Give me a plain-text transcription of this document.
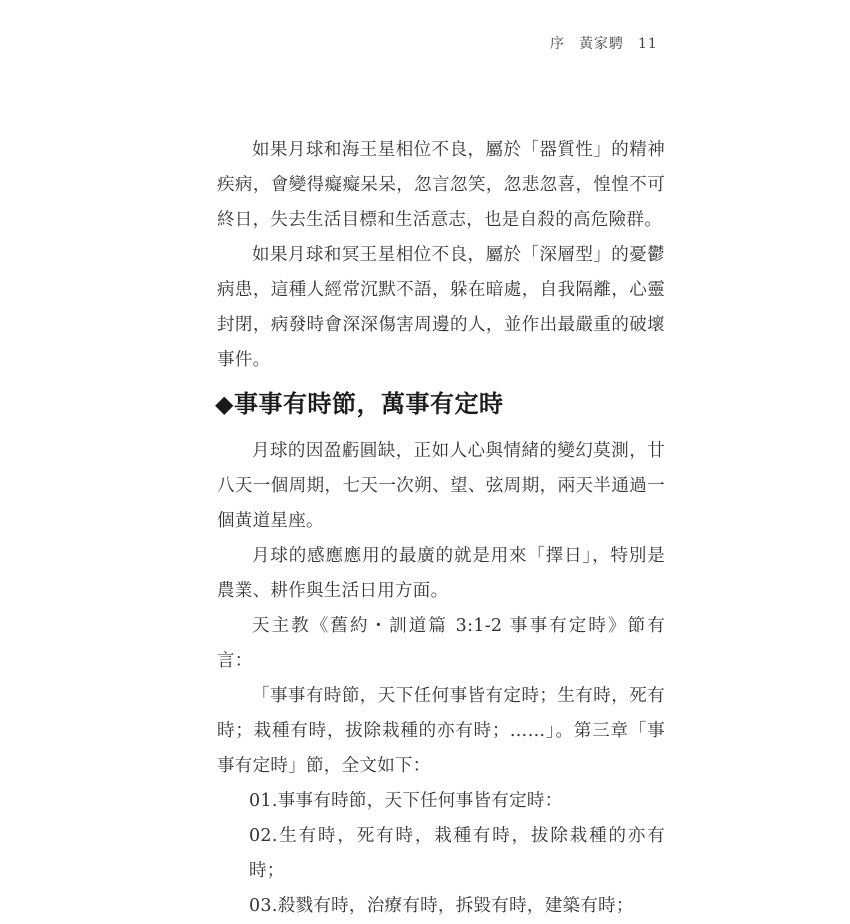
序 黃家騁 11

如果月球和海王星相位不良，屬於「器質性」的精神疾病，會變得癡癡呆呆，忽言忽笑，忽悲忽喜，惶惶不可終日，失去生活目標和生活意志，也是自殺的高危險群。

如果月球和冥王星相位不良，屬於「深層型」的憂鬱病患，這種人經常沉默不語，躲在暗處，自我隔離，心靈封閉，病發時會深深傷害周邊的人，並作出最嚴重的破壞事件。

◆事事有時節，萬事有定時

月球的因盈虧圓缺，正如人心與情緒的變幻莫測，廿八天一個周期，七天一次朔、望、弦周期，兩天半通過一個黃道星座。

月球的感應應用的最廣的就是用來「擇日」，特別是農業、耕作與生活日用方面。

天主教《舊約・訓道篇 3:1-2 事事有定時》節有言：

「事事有時節，天下任何事皆有定時；生有時，死有時；栽種有時，拔除栽種的亦有時；……」。第三章「事事有定時」節，全文如下：

01.事事有時節，天下任何事皆有定時：

02.生有時，死有時，栽種有時，拔除栽種的亦有時；

03.殺戮有時，治療有時，拆毀有時，建築有時；
